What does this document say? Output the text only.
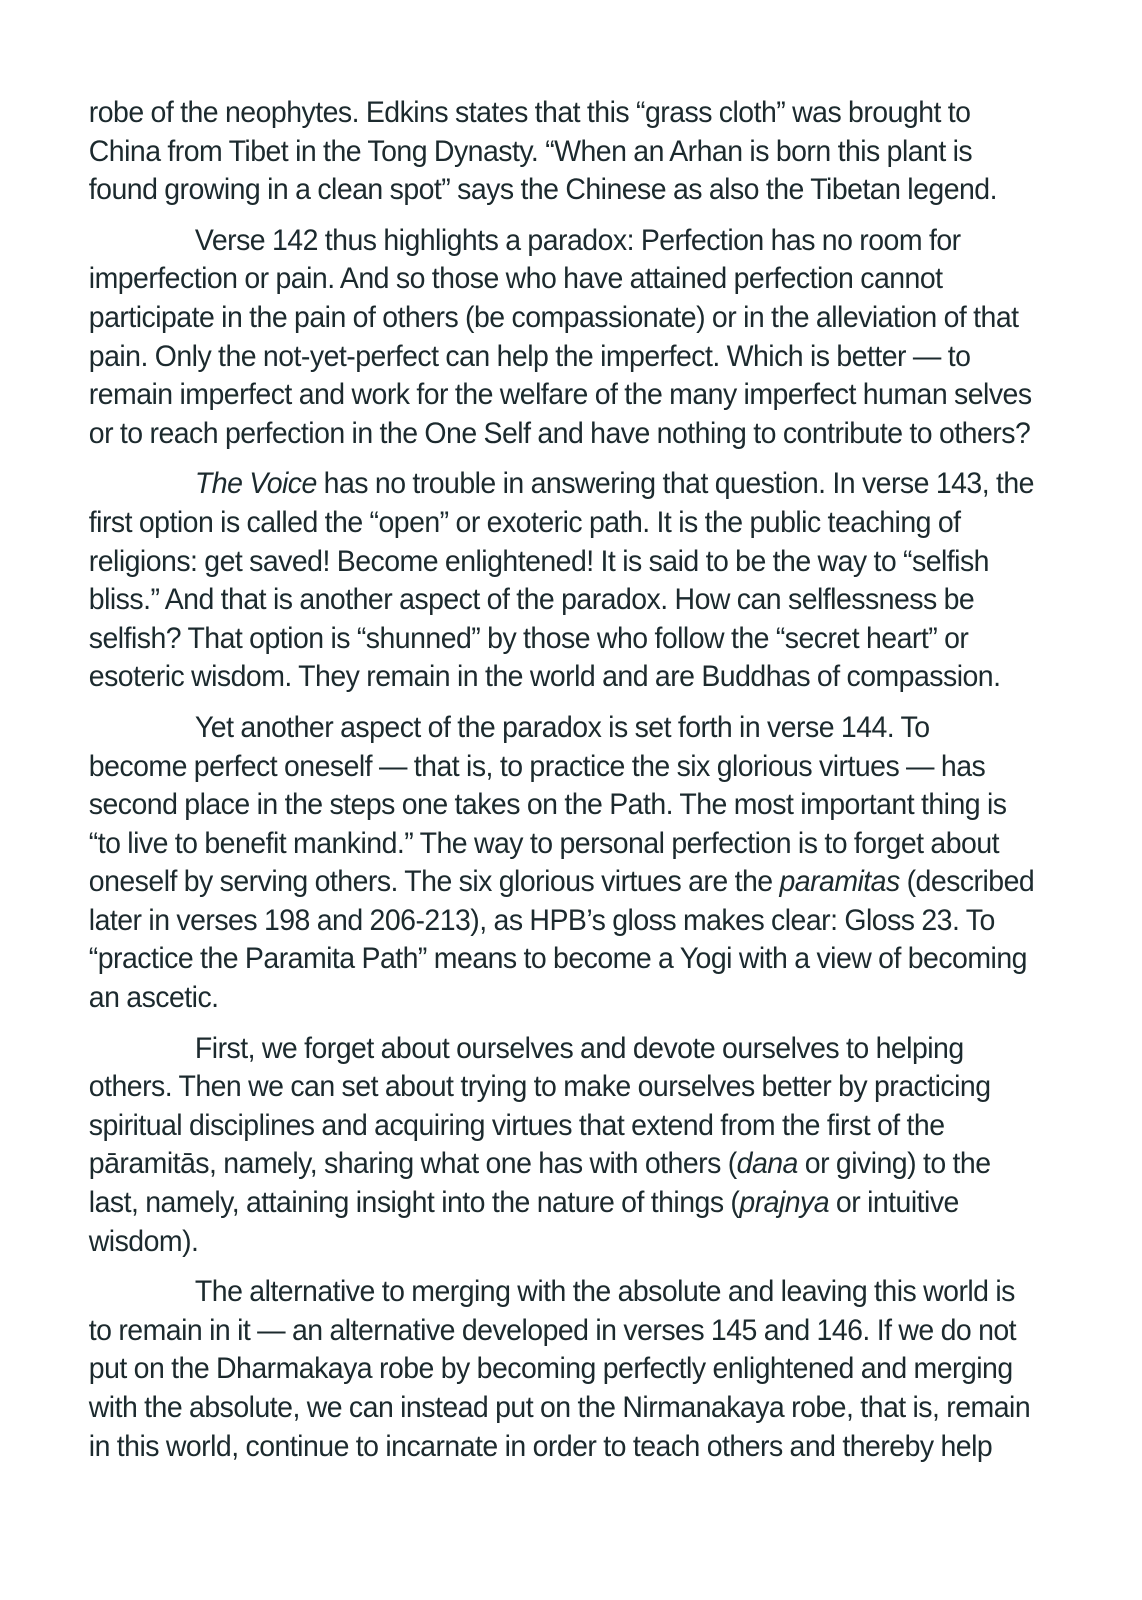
robe of the neophytes. Edkins states that this “grass cloth” was brought to China from Tibet in the Tong Dynasty. “When an Arhan is born this plant is found growing in a clean spot” says the Chinese as also the Tibetan legend.

Verse 142 thus highlights a paradox: Perfection has no room for imperfection or pain. And so those who have attained perfection cannot participate in the pain of others (be compassionate) or in the alleviation of that pain. Only the not-yet-perfect can help the imperfect. Which is better — to remain imperfect and work for the welfare of the many imperfect human selves or to reach perfection in the One Self and have nothing to contribute to others?

The Voice has no trouble in answering that question. In verse 143, the first option is called the “open” or exoteric path. It is the public teaching of religions: get saved! Become enlightened! It is said to be the way to “selfish bliss.” And that is another aspect of the paradox. How can selflessness be selfish? That option is “shunned” by those who follow the “secret heart” or esoteric wisdom. They remain in the world and are Buddhas of compassion.

Yet another aspect of the paradox is set forth in verse 144. To become perfect oneself — that is, to practice the six glorious virtues — has second place in the steps one takes on the Path. The most important thing is “to live to benefit mankind.” The way to personal perfection is to forget about oneself by serving others. The six glorious virtues are the paramitas (described later in verses 198 and 206-213), as HPB’s gloss makes clear: Gloss 23. To “practice the Paramita Path” means to become a Yogi with a view of becoming an ascetic.

First, we forget about ourselves and devote ourselves to helping others. Then we can set about trying to make ourselves better by practicing spiritual disciplines and acquiring virtues that extend from the first of the pāramitās, namely, sharing what one has with others (dana or giving) to the last, namely, attaining insight into the nature of things (prajnya or intuitive wisdom).

The alternative to merging with the absolute and leaving this world is to remain in it — an alternative developed in verses 145 and 146. If we do not put on the Dharmakaya robe by becoming perfectly enlightened and merging with the absolute, we can instead put on the Nirmanakaya robe, that is, remain in this world, continue to incarnate in order to teach others and thereby help
